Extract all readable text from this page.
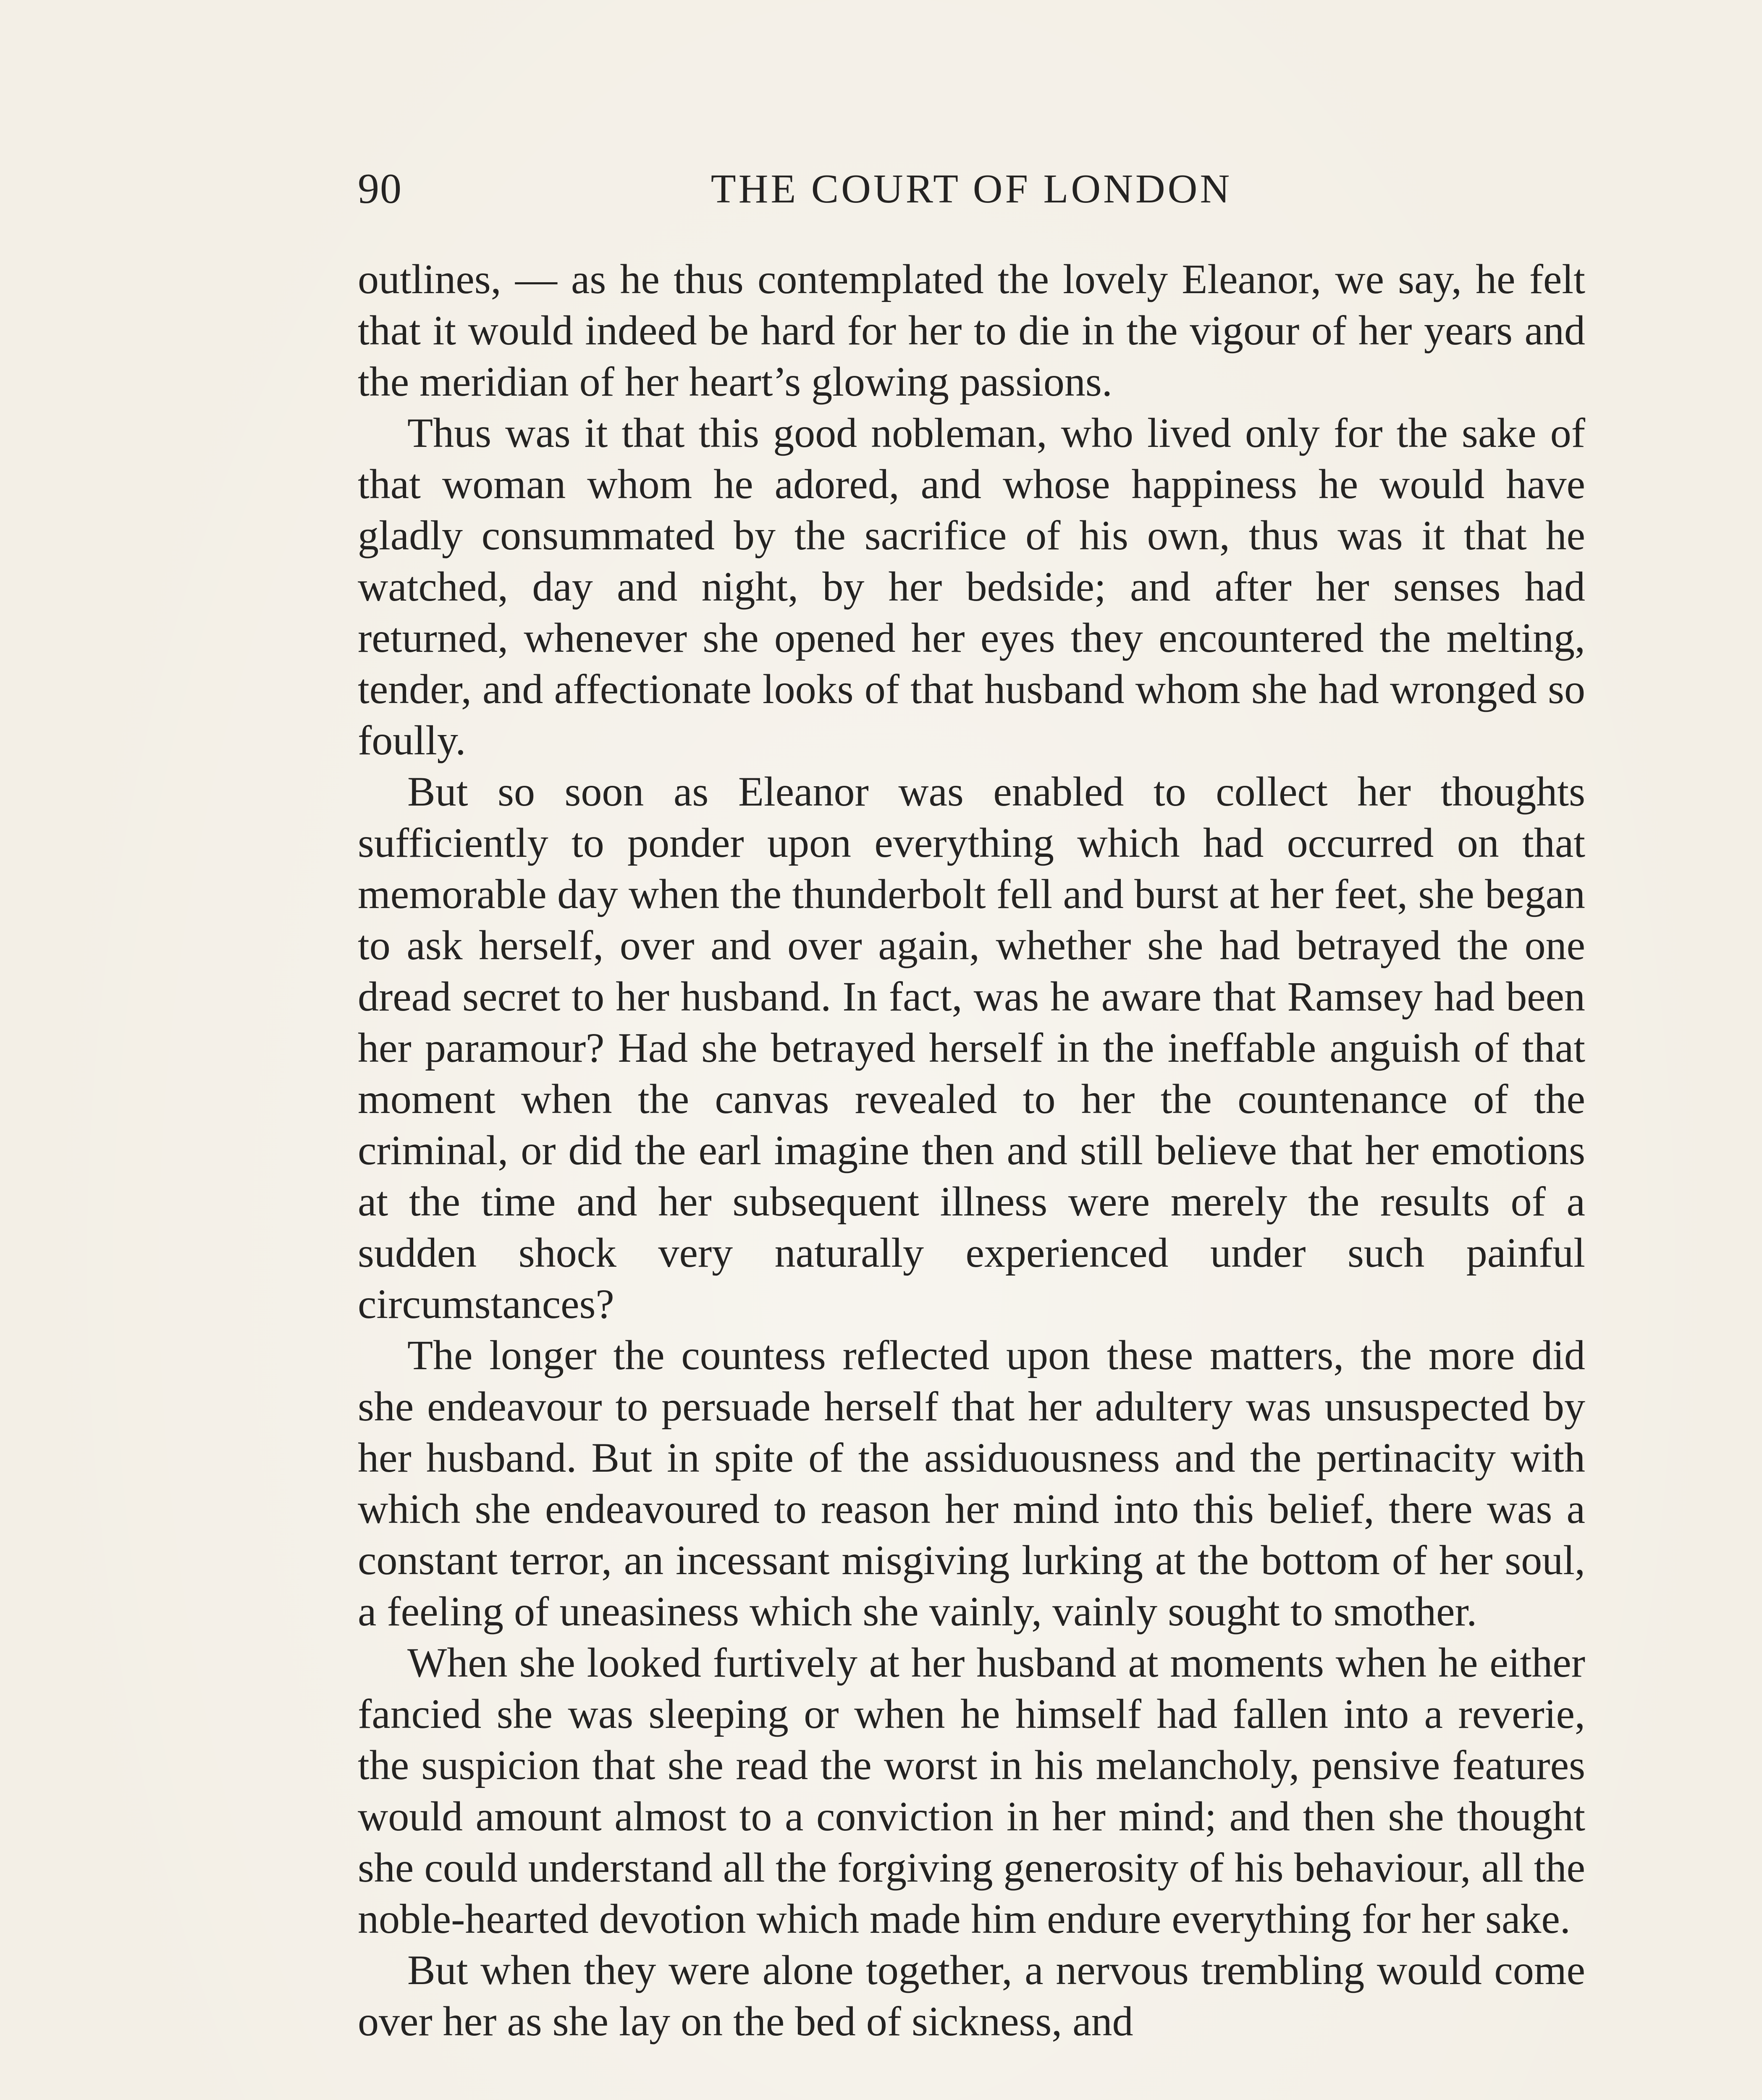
90	THE COURT OF LONDON

outlines, — as he thus contemplated the lovely Eleanor, we say, he felt that it would indeed be hard for her to die in the vigour of her years and the meridian of her heart’s glowing passions.

Thus was it that this good nobleman, who lived only for the sake of that woman whom he adored, and whose happiness he would have gladly consummated by the sacrifice of his own, thus was it that he watched, day and night, by her bedside; and after her senses had returned, whenever she opened her eyes they encountered the melting, tender, and affectionate looks of that husband whom she had wronged so foully.

But so soon as Eleanor was enabled to collect her thoughts sufficiently to ponder upon everything which had occurred on that memorable day when the thunderbolt fell and burst at her feet, she began to ask herself, over and over again, whether she had betrayed the one dread secret to her husband. In fact, was he aware that Ramsey had been her paramour? Had she betrayed herself in the ineffable anguish of that moment when the canvas revealed to her the countenance of the criminal, or did the earl imagine then and still believe that her emotions at the time and her subsequent illness were merely the results of a sudden shock very naturally experienced under such painful circumstances?

The longer the countess reflected upon these matters, the more did she endeavour to persuade herself that her adultery was unsuspected by her husband. But in spite of the assiduousness and the pertinacity with which she endeavoured to reason her mind into this belief, there was a constant terror, an incessant misgiving lurking at the bottom of her soul, a feeling of uneasiness which she vainly, vainly sought to smother.

When she looked furtively at her husband at moments when he either fancied she was sleeping or when he himself had fallen into a reverie, the suspicion that she read the worst in his melancholy, pensive features would amount almost to a conviction in her mind; and then she thought she could understand all the forgiving generosity of his behaviour, all the noble-hearted devotion which made him endure everything for her sake.

But when they were alone together, a nervous trembling would come over her as she lay on the bed of sickness, and
